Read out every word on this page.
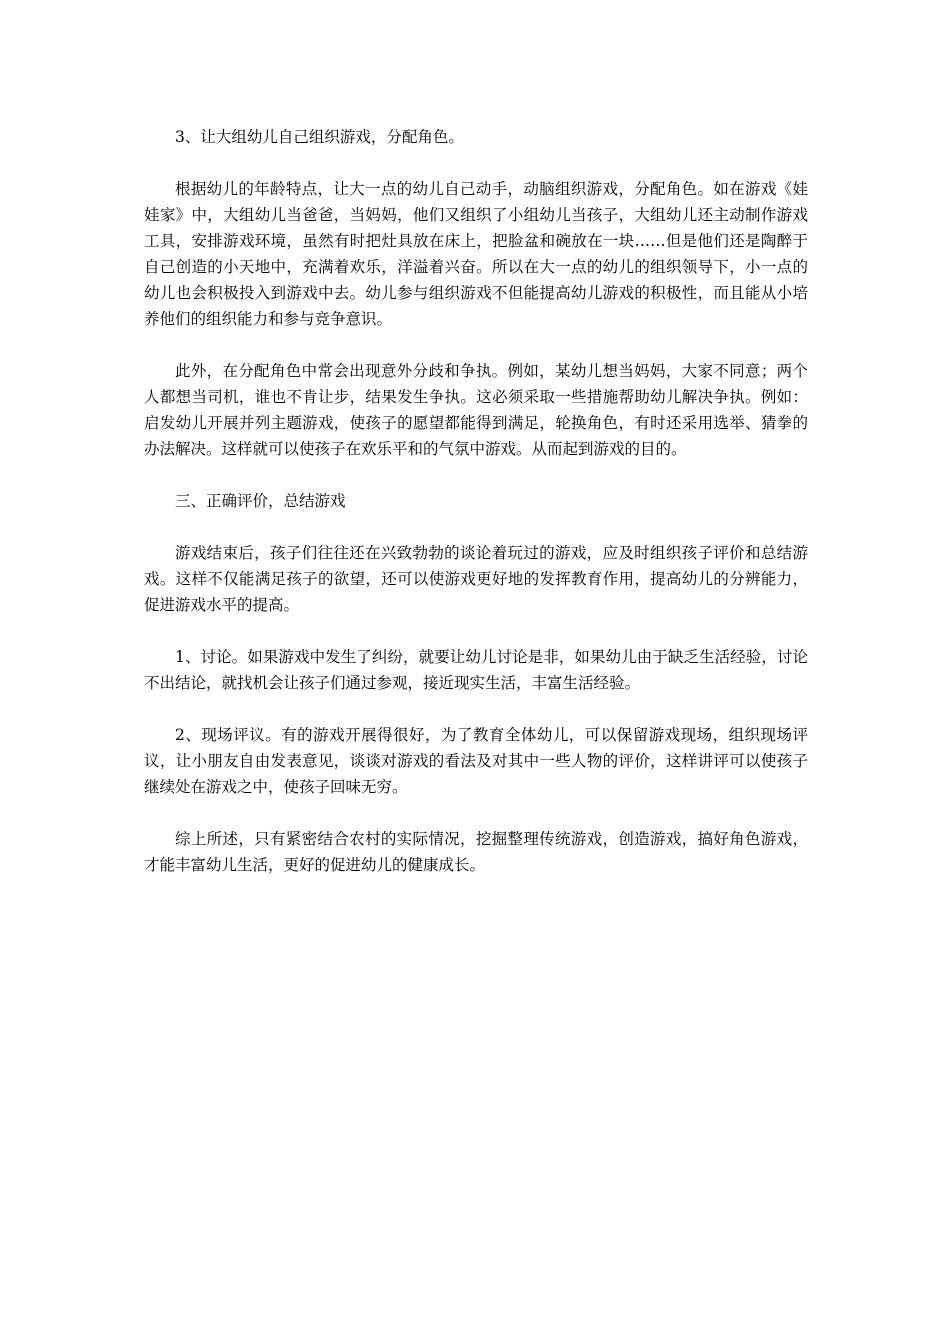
3、让大组幼儿自己组织游戏，分配角色。

根据幼儿的年龄特点，让大一点的幼儿自己动手，动脑组织游戏，分配角色。如在游戏《娃娃家》中，大组幼儿当爸爸，当妈妈，他们又组织了小组幼儿当孩子，大组幼儿还主动制作游戏工具，安排游戏环境，虽然有时把灶具放在床上，把脸盆和碗放在一块……但是他们还是陶醉于自己创造的小天地中，充满着欢乐，洋溢着兴奋。所以在大一点的幼儿的组织领导下，小一点的幼儿也会积极投入到游戏中去。幼儿参与组织游戏不但能提高幼儿游戏的积极性，而且能从小培养他们的组织能力和参与竞争意识。

此外，在分配角色中常会出现意外分歧和争执。例如，某幼儿想当妈妈，大家不同意；两个人都想当司机，谁也不肯让步，结果发生争执。这必须采取一些措施帮助幼儿解决争执。例如：启发幼儿开展并列主题游戏，使孩子的愿望都能得到满足，轮换角色，有时还采用选举、猜拳的办法解决。这样就可以使孩子在欢乐平和的气氛中游戏。从而起到游戏的目的。

三、正确评价，总结游戏

游戏结束后，孩子们往往还在兴致勃勃的谈论着玩过的游戏，应及时组织孩子评价和总结游戏。这样不仅能满足孩子的欲望，还可以使游戏更好地的发挥教育作用，提高幼儿的分辨能力，促进游戏水平的提高。

1、讨论。如果游戏中发生了纠纷，就要让幼儿讨论是非，如果幼儿由于缺乏生活经验，讨论不出结论，就找机会让孩子们通过参观，接近现实生活，丰富生活经验。

2、现场评议。有的游戏开展得很好，为了教育全体幼儿，可以保留游戏现场，组织现场评议，让小朋友自由发表意见，谈谈对游戏的看法及对其中一些人物的评价，这样讲评可以使孩子继续处在游戏之中，使孩子回味无穷。

综上所述，只有紧密结合农村的实际情况，挖掘整理传统游戏，创造游戏，搞好角色游戏，才能丰富幼儿生活，更好的促进幼儿的健康成长。
